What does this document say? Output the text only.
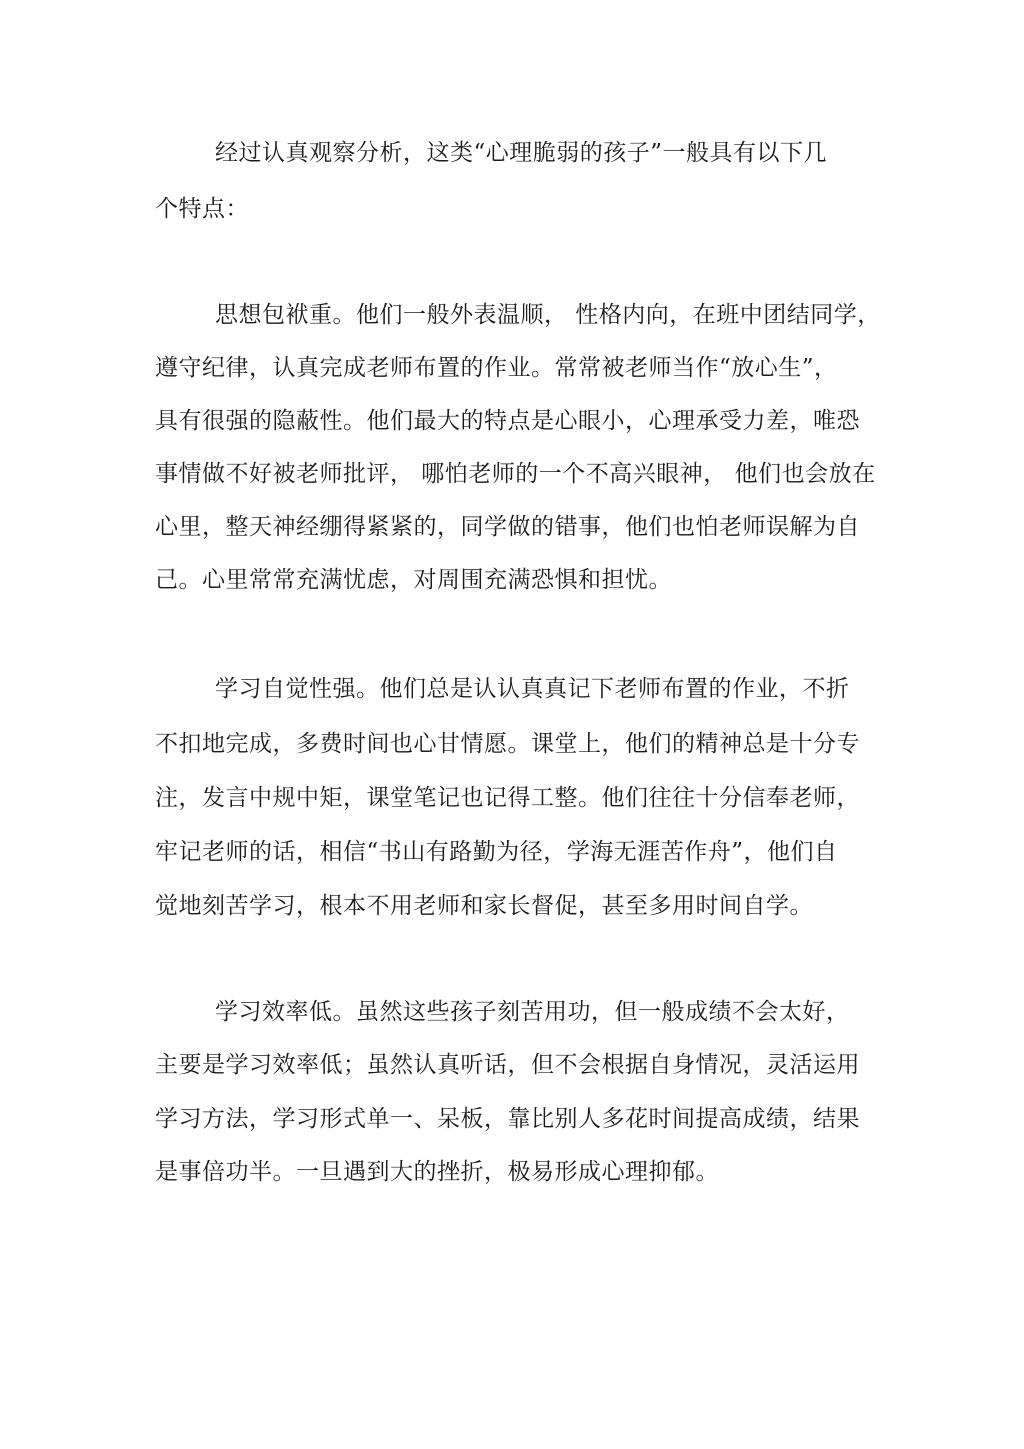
经过认真观察分析，这类“心理脆弱的孩子”一般具有以下几
个特点：
思想包袱重。他们一般外表温顺， 性格内向，在班中团结同学，
遵守纪律，认真完成老师布置的作业。常常被老师当作“放心生”，
具有很强的隐蔽性。他们最大的特点是心眼小，心理承受力差，唯恐
事情做不好被老师批评， 哪怕老师的一个不高兴眼神， 他们也会放在
心里，整天神经绷得紧紧的，同学做的错事，他们也怕老师误解为自
己。心里常常充满忧虑，对周围充满恐惧和担忧。
学习自觉性强。他们总是认认真真记下老师布置的作业，不折
不扣地完成，多费时间也心甘情愿。课堂上，他们的精神总是十分专
注，发言中规中矩，课堂笔记也记得工整。他们往往十分信奉老师，
牢记老师的话，相信“书山有路勤为径，学海无涯苦作舟”，他们自
觉地刻苦学习，根本不用老师和家长督促，甚至多用时间自学。
学习效率低。虽然这些孩子刻苦用功，但一般成绩不会太好，
主要是学习效率低；虽然认真听话，但不会根据自身情况，灵活运用
学习方法，学习形式单一、呆板，靠比别人多花时间提高成绩，结果
是事倍功半。一旦遇到大的挫折，极易形成心理抑郁。
